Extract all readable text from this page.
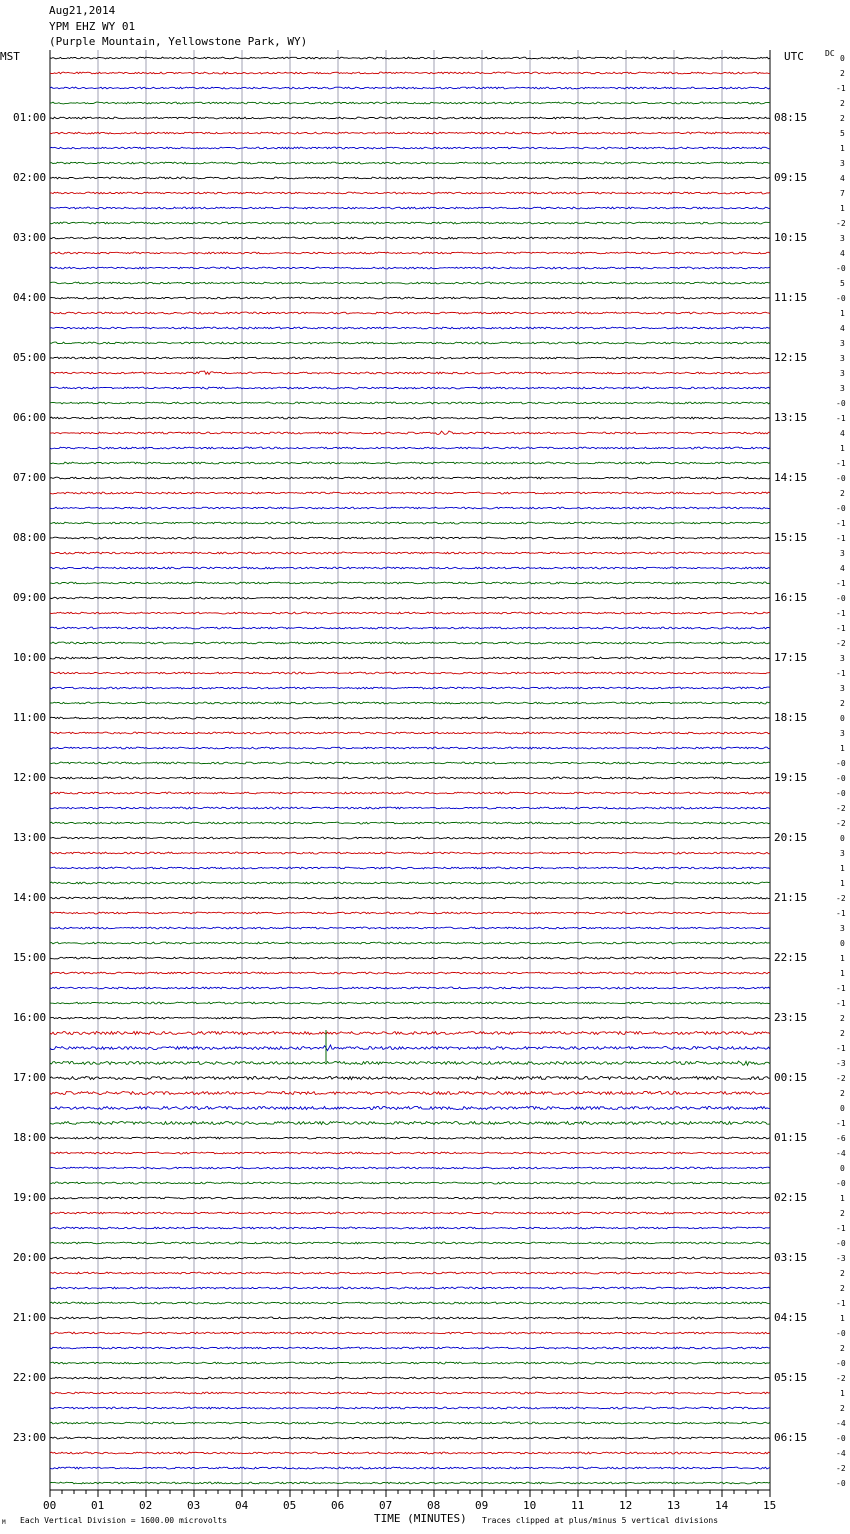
Aug21,2014
YPM EHZ WY 01
(Purple Mountain, Yellowstone Park, WY)
MST	UTC	DC
01:00
02:00
03:00
04:00
05:00
06:00
07:00
08:00
09:00
10:00
11:00
12:00
13:00
14:00
15:00
16:00
17:00
18:00
19:00
20:00
21:00
22:00
23:00
08:15
09:15
10:15
11:15
12:15
13:15
14:15
15:15
16:15
17:15
18:15
19:15
20:15
21:15
22:15
23:15
00:15
01:15
02:15
03:15
04:15
05:15
06:15
0
2
-1
2
2
5
1
3
4
7
1
-2
3
4
-0
5
-0
1
4
3
3
3
3
-0
-1
4
1
-1
-0
2
-0
-1
-1
3
4
-1
-0
-1
-1
-2
3
-1
3
2
0
3
1
-0
-0
-0
-2
-2
0
3
1
1
-2
-1
3
0
1
1
-1
-1
2
2
-1
-3
-2
2
0
-1
-6
-4
0
-0
1
2
-1
-0
-3
2
2
-1
1
-0
2
-0
-2
1
2
-4
-0
-4
-2
-0
00	01	02	03	04	05	06	07	08	09	10	11	12	13	14	15
M Each Vertical Division = 1600.00 microvolts	TIME (MINUTES) Traces clipped at plus/minus 5 vertical divisions
